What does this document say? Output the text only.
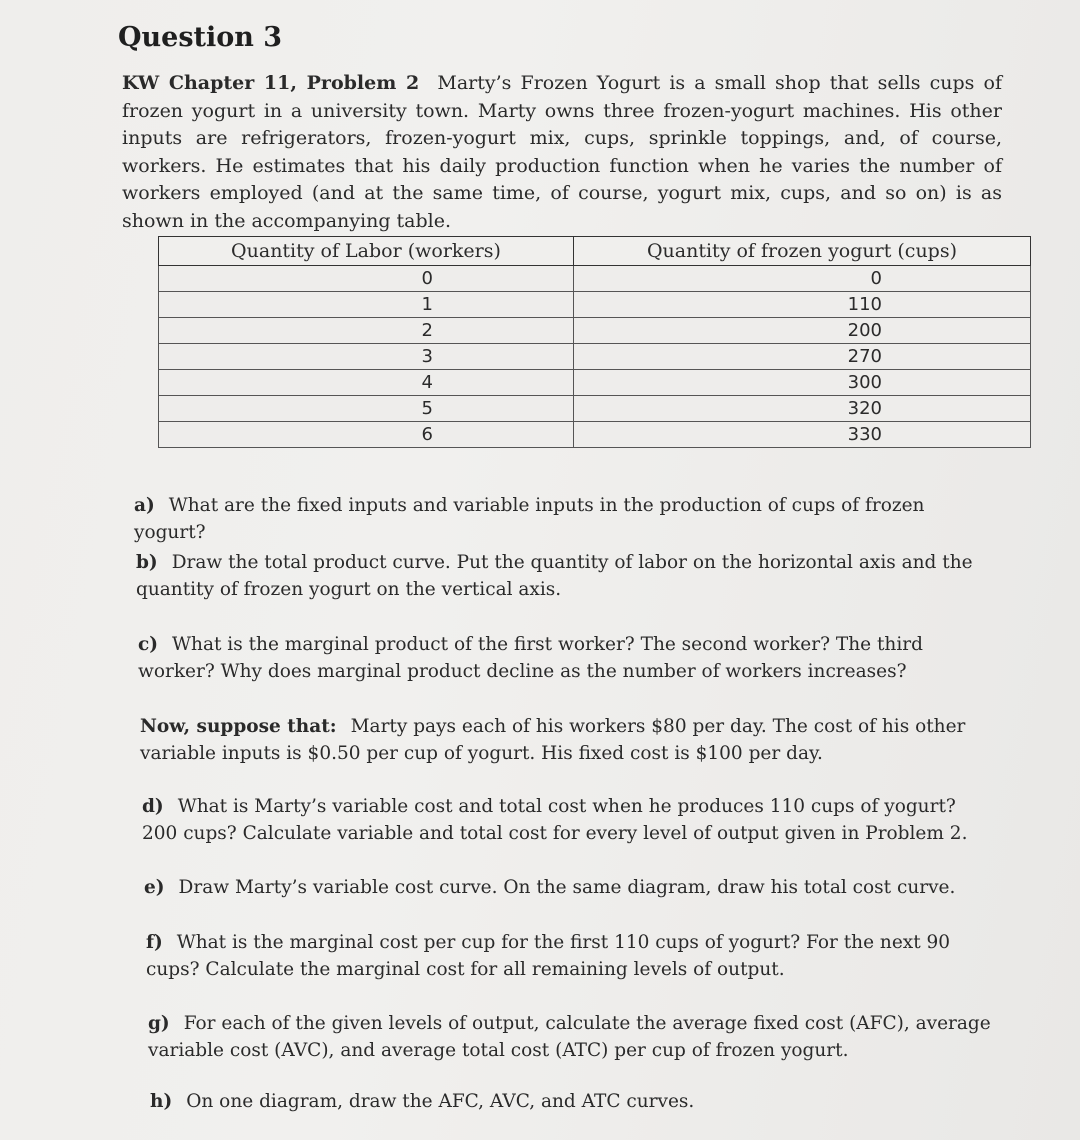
Question 3
KW Chapter 11, Problem 2 Marty’s Frozen Yogurt is a small shop that sells cups of frozen yogurt in a university town. Marty owns three frozen-yogurt machines. His other inputs are refrigerators, frozen-yogurt mix, cups, sprinkle toppings, and, of course, workers. He estimates that his daily production function when he varies the number of workers employed (and at the same time, of course, yogurt mix, cups, and so on) is as shown in the accompanying table.
Quantity of Labor (workers)	Quantity of frozen yogurt (cups)
0	0
1	110
2	200
3	270
4	300
5	320
6	330
a) What are the fixed inputs and variable inputs in the production of cups of frozen yogurt?
b) Draw the total product curve. Put the quantity of labor on the horizontal axis and the quantity of frozen yogurt on the vertical axis.
c) What is the marginal product of the first worker? The second worker? The third worker? Why does marginal product decline as the number of workers increases?
Now, suppose that: Marty pays each of his workers $80 per day. The cost of his other variable inputs is $0.50 per cup of yogurt. His fixed cost is $100 per day.
d) What is Marty’s variable cost and total cost when he produces 110 cups of yogurt? 200 cups? Calculate variable and total cost for every level of output given in Problem 2.
e) Draw Marty’s variable cost curve. On the same diagram, draw his total cost curve.
f) What is the marginal cost per cup for the first 110 cups of yogurt? For the next 90 cups? Calculate the marginal cost for all remaining levels of output.
g) For each of the given levels of output, calculate the average fixed cost (AFC), average variable cost (AVC), and average total cost (ATC) per cup of frozen yogurt.
h) On one diagram, draw the AFC, AVC, and ATC curves.
